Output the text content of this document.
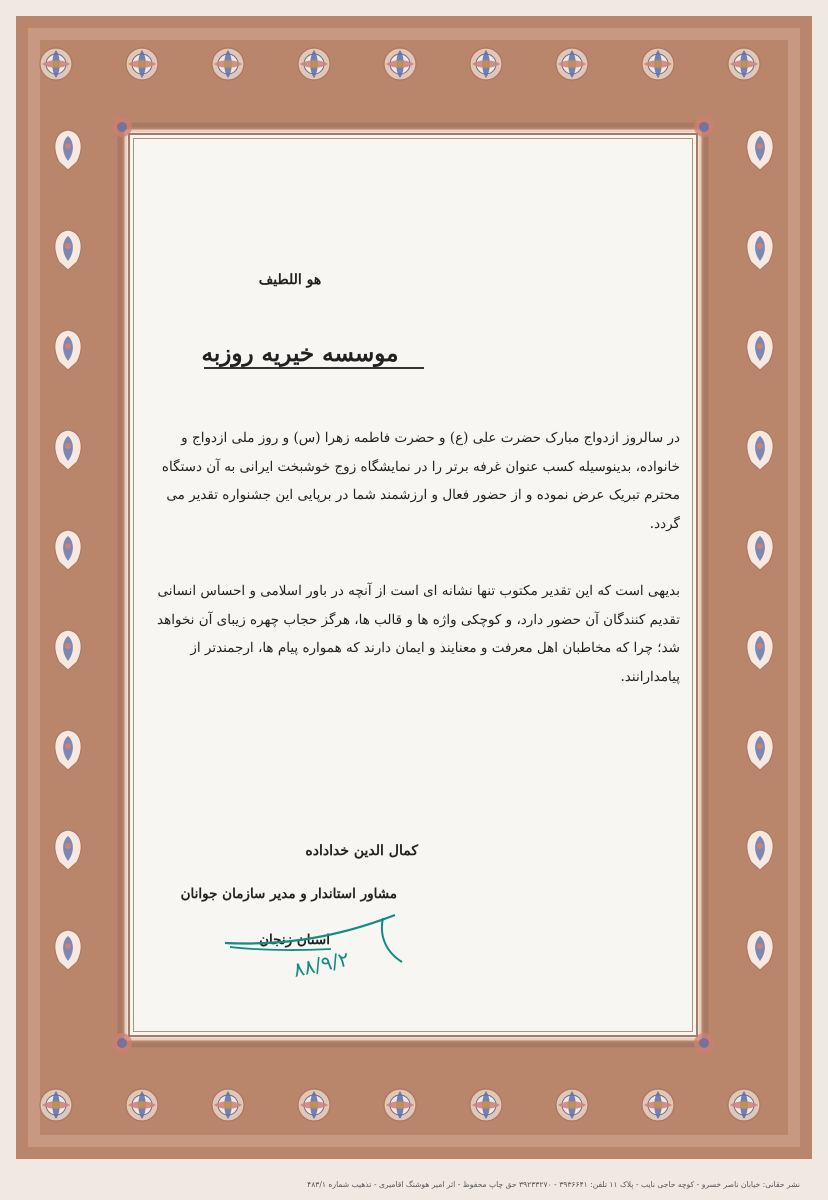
هو اللطیف
موسسه خیریه روزبه
در سالروز ازدواج مبارک حضرت علی (ع) و حضرت فاطمه زهرا (س) و روز ملی ازدواج و خانواده، بدینوسیله کسب عنوان غرفه برتر را در نمایشگاه زوج خوشبخت ایرانی به آن دستگاه محترم تبریک عرض نموده و از حضور فعال و ارزشمند شما در برپایی این جشنواره تقدیر می گردد.
بدیهی است که این تقدیر مکتوب تنها نشانه ای است از آنچه در باور اسلامی و احساس انسانی تقدیم کنندگان آن حضور دارد، و کوچکی واژه ها و قالب ها، هرگز حجاب چهره زیبای آن نخواهد شد؛ چرا که مخاطبان اهل معرفت و معنایند و ایمان دارند که همواره پیام ها، ارجمندتر از پیامدارانند.
کمال الدین خداداده
مشاور استاندار و مدیر سازمان جوانان
استان زنجان
۸۸/۹/۲
نشر حقانی: خیابان ناصر خسرو - کوچه حاجی نایب - پلاک ۱۱ تلفن: ۳۹۳۶۶۴۱ - ۳۹۲۳۳۲۷۰ حق چاپ محفوظ - اثر امیر هوشنگ اقامیری - تذهیب شماره ۴۸۳/۱
